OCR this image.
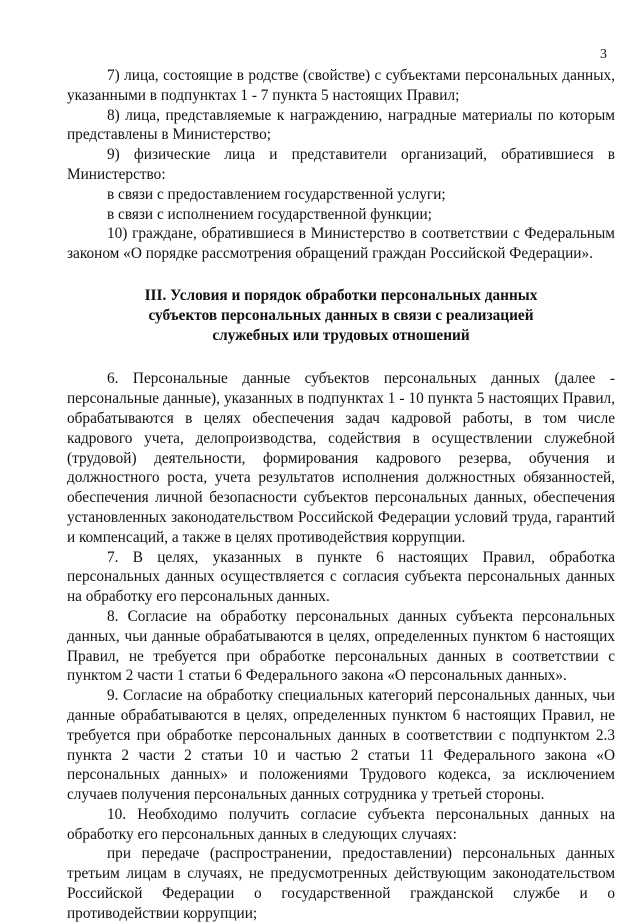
3

7) лица, состоящие в родстве (свойстве) с субъектами персональных данных, указанными в подпунктах 1 - 7 пункта 5 настоящих Правил;

8) лица, представляемые к награждению, наградные материалы по которым представлены в Министерство;

9) физические лица и представители организаций, обратившиеся в Министерство:

в связи с предоставлением государственной услуги;

в связи с исполнением государственной функции;

10) граждане, обратившиеся в Министерство в соответствии с Федеральным законом «О порядке рассмотрения обращений граждан Российской Федерации».

III. Условия и порядок обработки персональных данных
субъектов персональных данных в связи с реализацией
служебных или трудовых отношений

6. Персональные данные субъектов персональных данных (далее - персональные данные), указанных в подпунктах 1 - 10 пункта 5 настоящих Правил, обрабатываются в целях обеспечения задач кадровой работы, в том числе кадрового учета, делопроизводства, содействия в осуществлении служебной (трудовой) деятельности, формирования кадрового резерва, обучения и должностного роста, учета результатов исполнения должностных обязанностей, обеспечения личной безопасности субъектов персональных данных, обеспечения установленных законодательством Российской Федерации условий труда, гарантий и компенсаций, а также в целях противодействия коррупции.

7. В целях, указанных в пункте 6 настоящих Правил, обработка персональных данных осуществляется с согласия субъекта персональных данных на обработку его персональных данных.

8. Согласие на обработку персональных данных субъекта персональных данных, чьи данные обрабатываются в целях, определенных пунктом 6 настоящих Правил, не требуется при обработке персональных данных в соответствии с пунктом 2 части 1 статьи 6 Федерального закона «О персональных данных».

9. Согласие на обработку специальных категорий персональных данных, чьи данные обрабатываются в целях, определенных пунктом 6 настоящих Правил, не требуется при обработке персональных данных в соответствии с подпунктом 2.3 пункта 2 части 2 статьи 10 и частью 2 статьи 11 Федерального закона «О персональных данных» и положениями Трудового кодекса, за исключением случаев получения персональных данных сотрудника у третьей стороны.

10. Необходимо получить согласие субъекта персональных данных на обработку его персональных данных в следующих случаях:

при передаче (распространении, предоставлении) персональных данных третьим лицам в случаях, не предусмотренных действующим законодательством Российской Федерации о государственной гражданской службе и о противодействии коррупции;
